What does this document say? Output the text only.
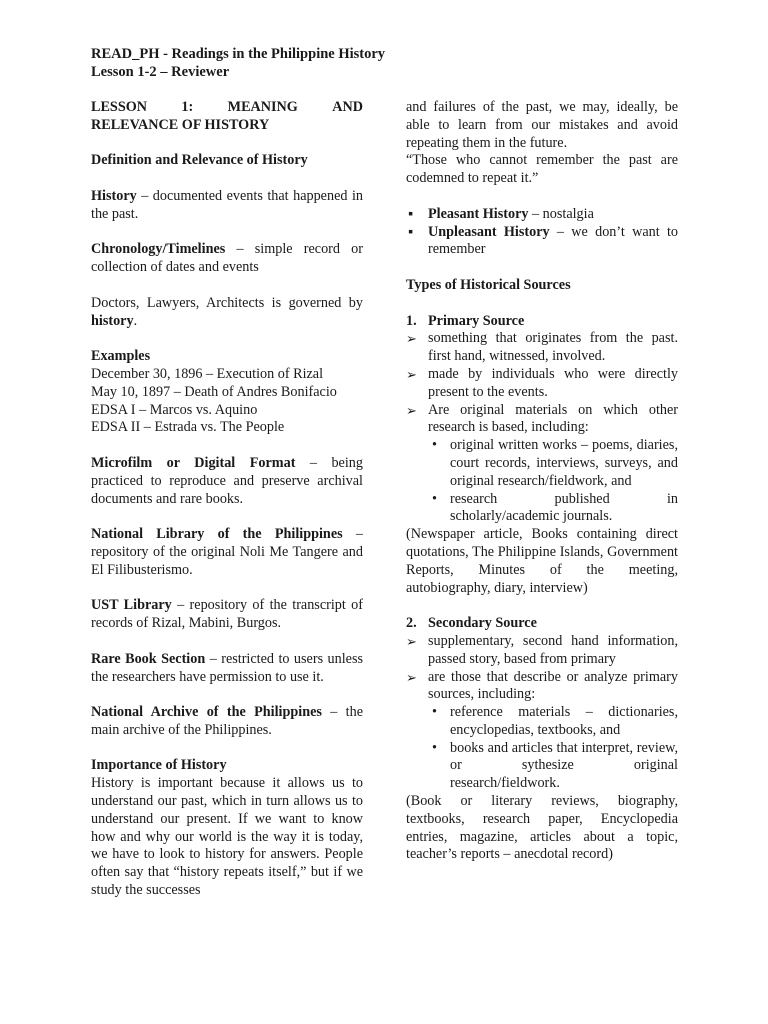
READ_PH - Readings in the Philippine History
Lesson 1-2 – Reviewer
LESSON 1: MEANING AND

RELEVANCE OF HISTORY

Definition and Relevance of History

History – documented events that happened in the past.

Chronology/Timelines – simple record or collection of dates and events

Doctors, Lawyers, Architects is governed by history.

Examples

December 30, 1896 – Execution of Rizal
May 10, 1897 – Death of Andres Bonifacio
EDSA I – Marcos vs. Aquino
EDSA II – Estrada vs. The People

Microfilm or Digital Format – being practiced to reproduce and preserve archival documents and rare books.

National Library of the Philippines – repository of the original Noli Me Tangere and El Filibusterismo.

UST Library – repository of the transcript of records of Rizal, Mabini, Burgos.

Rare Book Section – restricted to users unless the researchers have permission to use it.

National Archive of the Philippines – the main archive of the Philippines.

Importance of History

History is important because it allows us to understand our past, which in turn allows us to understand our present. If we want to know how and why our world is the way it is today, we have to look to history for answers. People often say that “history repeats itself,” but if we study the successes

and failures of the past, we may, ideally, be able to learn from our mistakes and avoid repeating them in the future.

“Those who cannot remember the past are codemned to repeat it.”

▪ Pleasant History – nostalgia
▪ Unpleasant History – we don’t want to remember

Types of Historical Sources

1. Primary Source
➢ something that originates from the past. first hand, witnessed, involved.
➢ made by individuals who were directly present to the events.
➢ Are original materials on which other research is based, including:
• original written works – poems, diaries, court records, interviews, surveys, and original research/fieldwork, and
• research published in scholarly/academic journals.

(Newspaper article, Books containing direct quotations, The Philippine Islands, Government Reports, Minutes of the meeting, autobiography, diary, interview)

2. Secondary Source
➢ supplementary, second hand information, passed story, based from primary
➢ are those that describe or analyze primary sources, including:
• reference materials – dictionaries, encyclopedias, textbooks, and
• books and articles that interpret, review, or sythesize original research/fieldwork.

(Book or literary reviews, biography, textbooks, research paper, Encyclopedia entries, magazine, articles about a topic, teacher’s reports – anecdotal record)
